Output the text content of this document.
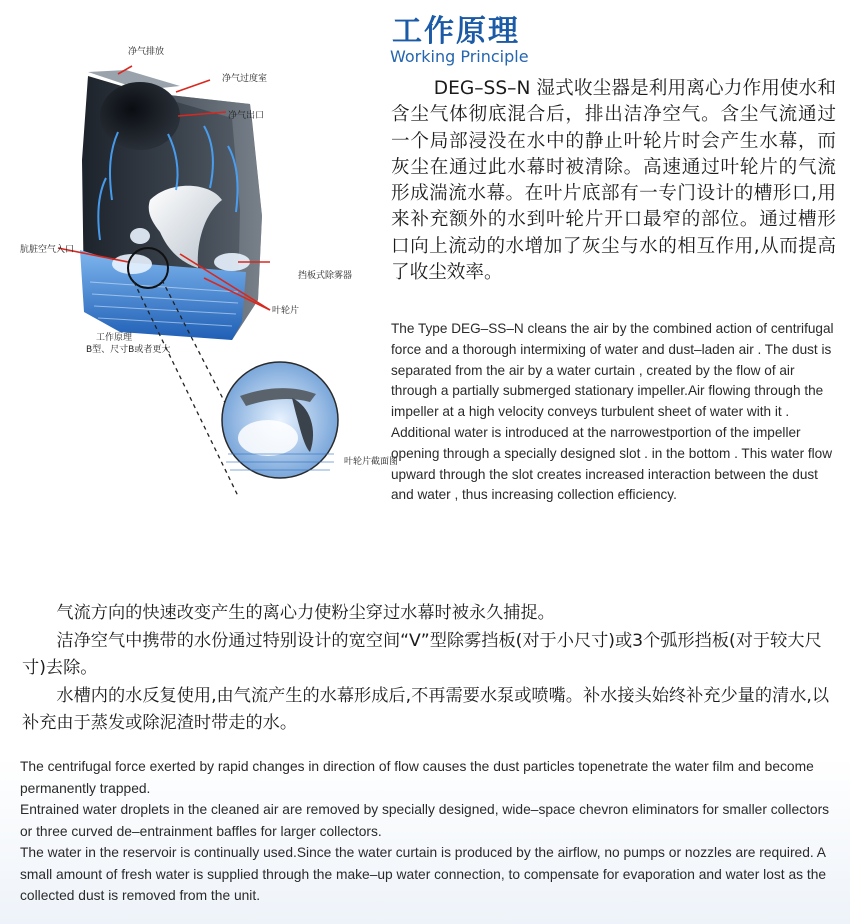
净气排放
净气过度室
净气出口
肮脏空气入口
挡板式除雾器
叶轮片
工作原理
B型、尺寸B或者更大
叶轮片截面图
工作原理
Working Principle
DEG–SS–N 湿式收尘器是利用离心力作用使水和含尘气体彻底混合后，排出洁净空气。含尘气流通过一个局部浸没在水中的静止叶轮片时会产生水幕，而灰尘在通过此水幕时被清除。高速通过叶轮片的气流形成湍流水幕。在叶片底部有一专门设计的槽形口,用来补充额外的水到叶轮片开口最窄的部位。通过槽形口向上流动的水增加了灰尘与水的相互作用,从而提高了收尘效率。
The Type DEG–SS–N cleans the air by the combined action of centrifugal force and a thorough intermixing of water and dust–laden air . The dust is separated from the air by a water curtain , created by the flow of air through a partially submerged stationary impeller.Air flowing through the impeller at a high velocity conveys turbulent sheet of water with it . Additional water is introduced at the narrowestportion of the impeller opening through a specially designed slot . in the bottom . This water flow upward through the slot creates increased interaction between the dust and water , thus increasing collection efficiency.

气流方向的快速改变产生的离心力使粉尘穿过水幕时被永久捕捉。

洁净空气中携带的水份通过特别设计的宽空间“V”型除雾挡板(对于小尺寸)或3个弧形挡板(对于较大尺寸)去除。

水槽内的水反复使用,由气流产生的水幕形成后,不再需要水泵或喷嘴。补水接头始终补充少量的清水,以补充由于蒸发或除泥渣时带走的水。

The centrifugal force exerted by rapid changes in direction of flow causes the dust particles topenetrate the water film and become permanently trapped.

Entrained water droplets in the cleaned air are removed by specially designed, wide–space chevron eliminators for smaller collectors or three curved de–entrainment baffles for larger collectors.

The water in the reservoir is continually used.Since the water curtain is produced by the airflow, no pumps or nozzles are required. A small amount of fresh water is supplied through the make–up water connection, to compensate for evaporation and water lost as the collected dust is removed from the unit.
